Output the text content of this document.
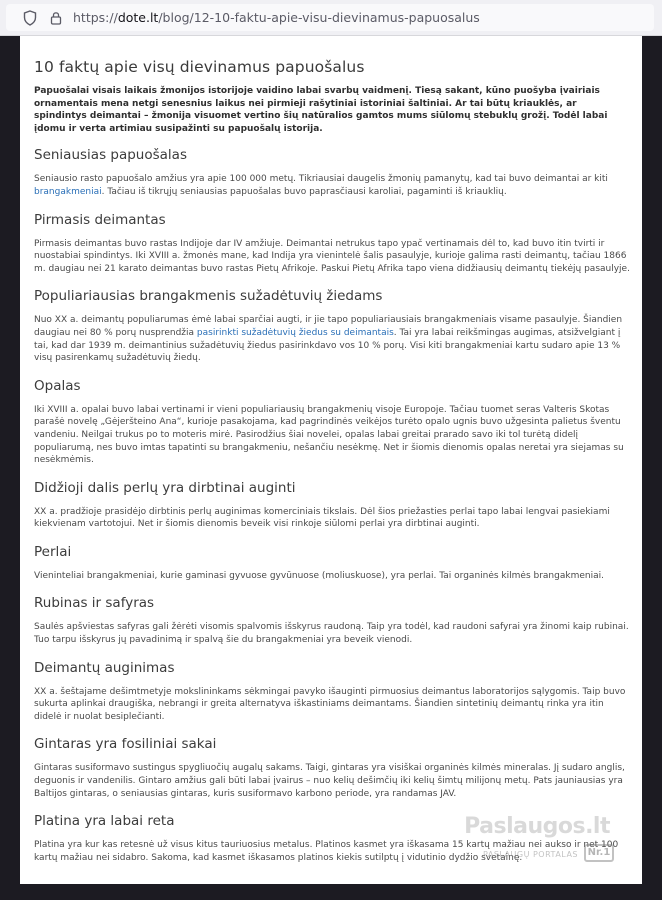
https://dote.lt/blog/12-10-faktu-apie-visu-dievinamus-papuosalus
10 faktų apie visų dievinamus papuošalus

Papuošalai visais laikais žmonijos istorijoje vaidino labai svarbų vaidmenį. Tiesą sakant, kūno puošyba įvairiais ornamentais mena netgi senesnius laikus nei pirmieji rašytiniai istoriniai šaltiniai. Ar tai būtų kriauklės, ar spindintys deimantai – žmonija visuomet vertino šių natūralios gamtos mums siūlomų stebuklų grožį. Todėl labai įdomu ir verta artimiau susipažinti su papuošalų istorija.

Seniausias papuošalas

Seniausio rasto papuošalo amžius yra apie 100 000 metų. Tikriausiai daugelis žmonių pamanytų, kad tai buvo deimantai ar kiti brangakmeniai. Tačiau iš tikrųjų seniausias papuošalas buvo paprasčiausi karoliai, pagaminti iš kriauklių.

Pirmasis deimantas

Pirmasis deimantas buvo rastas Indijoje dar IV amžiuje. Deimantai netrukus tapo ypač vertinamais dėl to, kad buvo itin tvirti ir nuostabiai spindintys. Iki XVIII a. žmonės mane, kad Indija yra vienintelė šalis pasaulyje, kurioje galima rasti deimantų, tačiau 1866 m. daugiau nei 21 karato deimantas buvo rastas Pietų Afrikoje. Paskui Pietų Afrika tapo viena didžiausių deimantų tiekėjų pasaulyje.

Populiariausias brangakmenis sužadėtuvių žiedams

Nuo XX a. deimantų populiarumas ėmė labai sparčiai augti, ir jie tapo populiariausiais brangakmeniais visame pasaulyje. Šiandien daugiau nei 80 % porų nusprendžia pasirinkti sužadėtuvių žiedus su deimantais. Tai yra labai reikšmingas augimas, atsižvelgiant į tai, kad dar 1939 m. deimantinius sužadėtuvių žiedus pasirinkdavo vos 10 % porų. Visi kiti brangakmeniai kartu sudaro apie 13 % visų pasirenkamų sužadėtuvių žiedų.

Opalas

Iki XVIII a. opalai buvo labai vertinami ir vieni populiariausių brangakmenių visoje Europoje. Tačiau tuomet seras Valteris Skotas parašė novelę „Gėjeršteino Ana“, kurioje pasakojama, kad pagrindinės veikėjos turėto opalo ugnis buvo užgesinta palietus šventu vandeniu. Neilgai trukus po to moteris mirė. Pasirodžius šiai novelei, opalas labai greitai prarado savo iki tol turėtą didelį populiarumą, nes buvo imtas tapatinti su brangakmeniu, nešančiu nesėkmę. Net ir šiomis dienomis opalas neretai yra siejamas su nesėkmėmis.

Didžioji dalis perlų yra dirbtinai auginti

XX a. pradžioje prasidėjo dirbtinis perlų auginimas komerciniais tikslais. Dėl šios priežasties perlai tapo labai lengvai pasiekiami kiekvienam vartotojui. Net ir šiomis dienomis beveik visi rinkoje siūlomi perlai yra dirbtinai auginti.

Perlai

Vieninteliai brangakmeniai, kurie gaminasi gyvuose gyvūnuose (moliuskuose), yra perlai. Tai organinės kilmės brangakmeniai.

Rubinas ir safyras

Saulės apšviestas safyras gali žėrėti visomis spalvomis išskyrus raudoną. Taip yra todėl, kad raudoni safyrai yra žinomi kaip rubinai. Tuo tarpu išskyrus jų pavadinimą ir spalvą šie du brangakmeniai yra beveik vienodi.

Deimantų auginimas

XX a. šeštajame dešimtmetyje mokslininkams sėkmingai pavyko išauginti pirmuosius deimantus laboratorijos sąlygomis. Taip buvo sukurta aplinkai draugiška, nebrangi ir greita alternatyva iškastiniams deimantams. Šiandien sintetinių deimantų rinka yra itin didelė ir nuolat besiplečianti.

Gintaras yra fosiliniai sakai

Gintaras susiformavo sustingus spygliuočių augalų sakams. Taigi, gintaras yra visiškai organinės kilmės mineralas. Jį sudaro anglis, deguonis ir vandenilis. Gintaro amžius gali būti labai įvairus – nuo kelių dešimčių iki kelių šimtų milijonų metų. Pats jauniausias yra Baltijos gintaras, o seniausias gintaras, kuris susiformavo karbono periode, yra randamas JAV.

Platina yra labai reta

Platina yra kur kas retesnė už visus kitus tauriuosius metalus. Platinos kasmet yra iškasama 15 kartų mažiau nei aukso ir net 100 kartų mažiau nei sidabro. Sakoma, kad kasmet iškasamos platinos kiekis sutilptų į vidutinio dydžio svetainę.

Paslaugos.lt
PASLAUGŲ PORTALAS Nr.1
